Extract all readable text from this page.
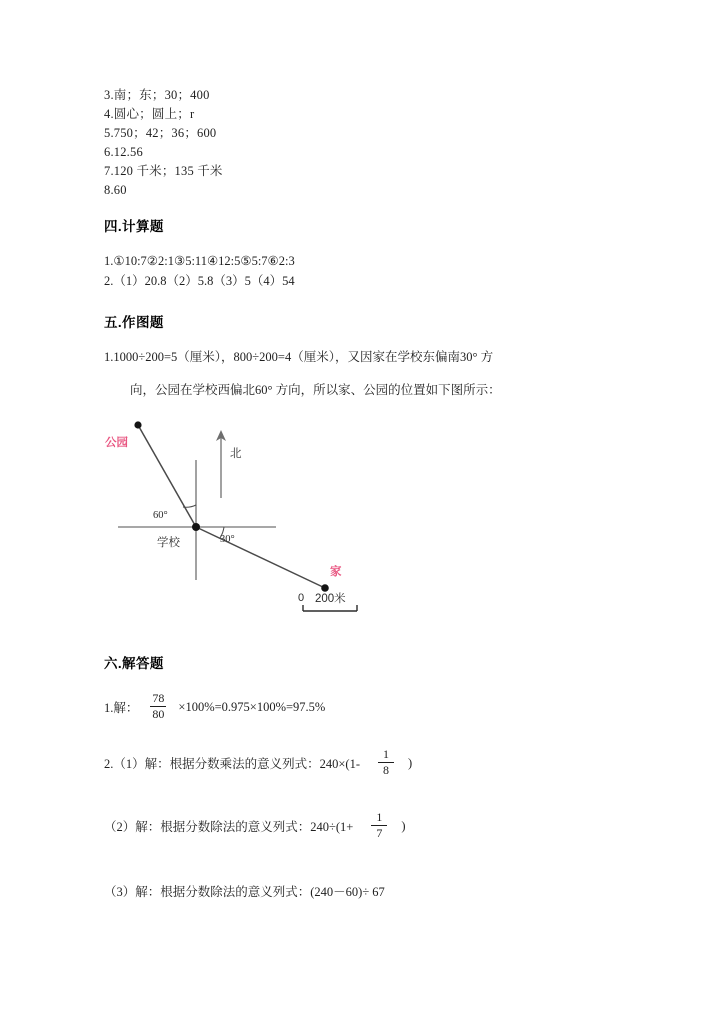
3.南；东；30；400
4.圆心；圆上；r
5.750；42；36；600
6.12.56
7.120 千米；135 千米
8.60
四.计算题
1.①10:7②2:1③5:11④12:5⑤5:7⑥2:3
2.（1）20.8（2）5.8（3）5（4）54
五.作图题
1.1000÷200=5（厘米），800÷200=4（厘米），又因家在学校东偏南30° 方
向，公园在学校西偏北60° 方向，所以家、公园的位置如下图所示：
公园
家
北
学校
60°
30°
0 200米
六.解答题
1.解： $\frac{78}{80} \times 100\%=0.975\times 100\%=97.5\%$
2.（1）解：根据分数乘法的意义列式：$240\times(1- \frac{1}{8}$ )
（2）解：根据分数除法的意义列式：$240\div(1+ \frac{1}{7}$ )
（3）解：根据分数除法的意义列式：(240－60)÷ 67
